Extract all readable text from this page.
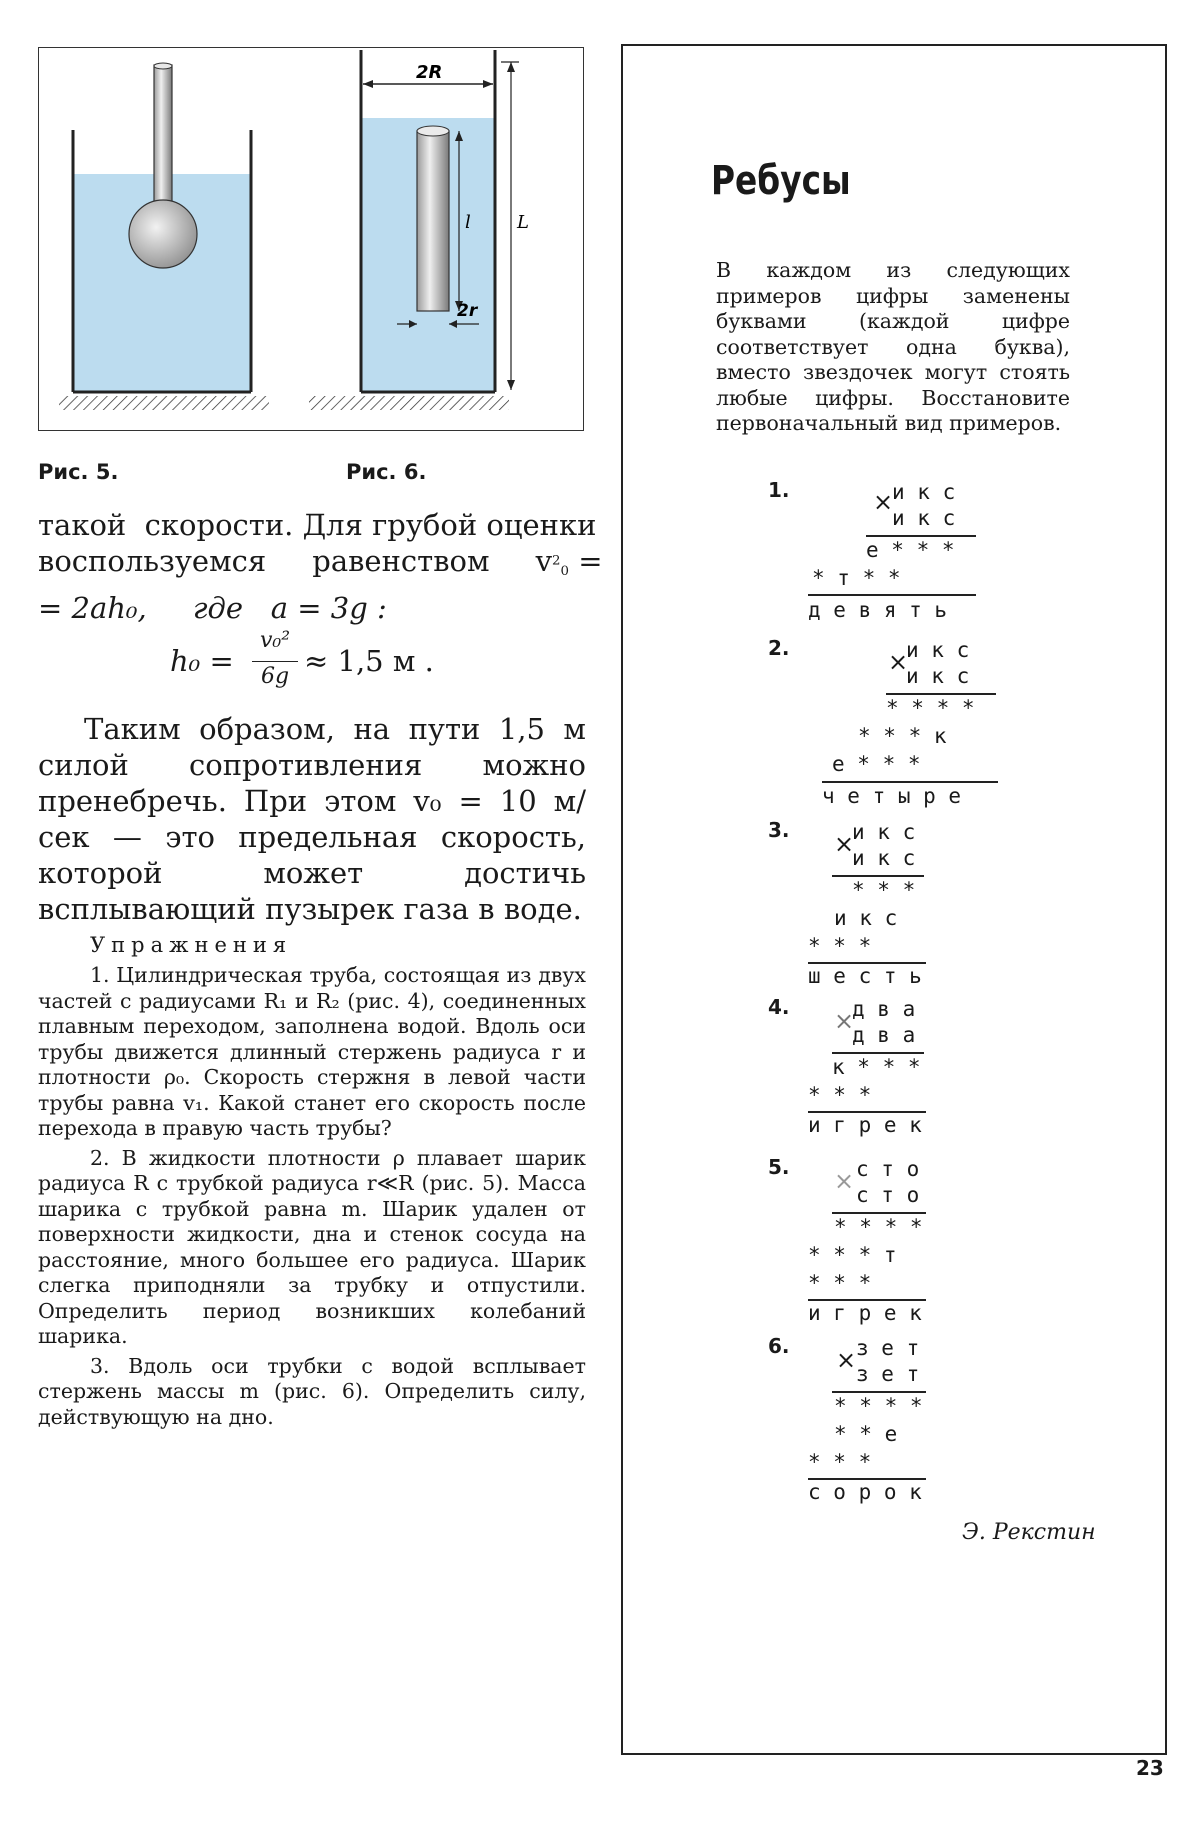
2R
l	L
2r
Рис. 5.	Рис. 6.

такой  скорости. Для грубой оценки

воспользуемся     равенством     $v^2_0$ =

= 2ah₀,     где   a = 3g :

h₀ =
v₀²
6g ≈ 1,5 м .

Таким образом, на пути 1,5 м силой сопротивления можно пренебречь. При этом v₀ = 10 м/сек — это предельная скорость, которой может достичь всплывающий пузырек газа в воде.

Упражнения

1. Цилиндрическая труба, состоящая из двух частей с радиусами R₁ и R₂ (рис. 4), соединенных плавным переходом, заполнена водой. Вдоль оси трубы движется длинный стержень радиуса r и плотности ρ₀. Скорость стержня в левой части трубы равна v₁. Какой станет его скорость после перехода в правую часть трубы?

2. В жидкости плотности ρ плавает шарик радиуса R с трубкой радиуса r≪R (рис. 5). Масса шарика с трубкой равна m. Шарик удален от поверхности жидкости, дна и стенок сосуда на расстояние, много большее его радиуса. Шарик слегка приподняли за трубку и отпустили. Определить период возникших колебаний шарика.

3. Вдоль оси трубки с водой всплывает стержень массы m (рис. 6). Определить силу, действующую на дно.

Ребусы
В каждом из следующих примеров цифры заменены буквами (каждой цифре соответствует одна буква), вместо звездочек могут стоять любые цифры. Восстановите первоначальный вид примеров.
1.	×
и к с
и к с
е * * *
* т * *
д е в я т ь
2.	×
и к с
и к с
* * * *
* * * к
е * * *
ч е т ы р е
3. ×
и к с
и к с
* * *
и к с
* * *
ш е с т ь
4. ×
д в а
д в а
к * * *
* * *
и г р е к
5. × с т о
с т о
* * * *
* * * т
* * *
и г р е к
6. × з е т
з е т
* * * *
* * е
* * *
с о р о к
Э. Рекстин
23
